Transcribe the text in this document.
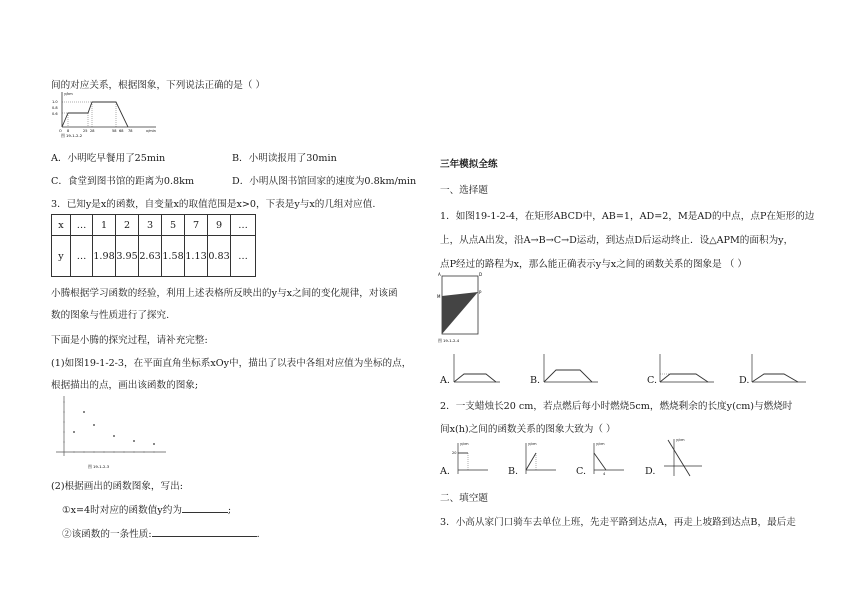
间的对应关系，根据图象，下列说法正确的是（ ）
y/km
x/min
1.0
0.8
0.6
O 8	25 28	58 68 78
图 19-1-2-2
A．小明吃早餐用了25min	B．小明读报用了30min
C．食堂到图书馆的距离为0.8km	D．小明从图书馆回家的速度为0.8km/min
3．已知y是x的函数，自变量x的取值范围是x>0，下表是y与x的几组对应值.
x	…	1	2	3	5	7	9	…
y	…	1.98	3.95	2.63	1.58	1.13	0.83	…
小腾根据学习函数的经验，利用上述表格所反映出的y与x之间的变化规律，对该函
数的图象与性质进行了探究.
下面是小腾的探究过程，请补充完整:
(1)如图19-1-2-3，在平面直角坐标系xOy中，描出了以表中各组对应值为坐标的点，
根据描出的点，画出该函数的图象;
图 19-1-2-3
(2)根据画出的函数图象，写出:
①x=4时对应的函数值y约为	;
②该函数的一条性质:	.
三年模拟全练
一、选择题
1．如图19-1-2-4，在矩形ABCD中，AB=1，AD=2，M是AD的中点，点P在矩形的边
上，从点A出发，沿A→B→C→D运动，到达点D后运动终止．设△APM的面积为y，
点P经过的路程为x，那么能正确表示y与x之间的函数关系的图象是 （ ）
A	D
M
P
图 19-1-2-4
A.	B.	C.	D.
2．一支蜡烛长20 cm，若点燃后每小时燃烧5cm，燃烧剩余的长度y(cm)与燃烧时
间x(h)之间的函数关系的图象大致为（ ）
A.
20
y/cm
B.
y/cm
C.
y/cm
4	D.
y/cm
二、填空题
3．小高从家门口骑车去单位上班，先走平路到达点A，再走上坡路到达点B，最后走
